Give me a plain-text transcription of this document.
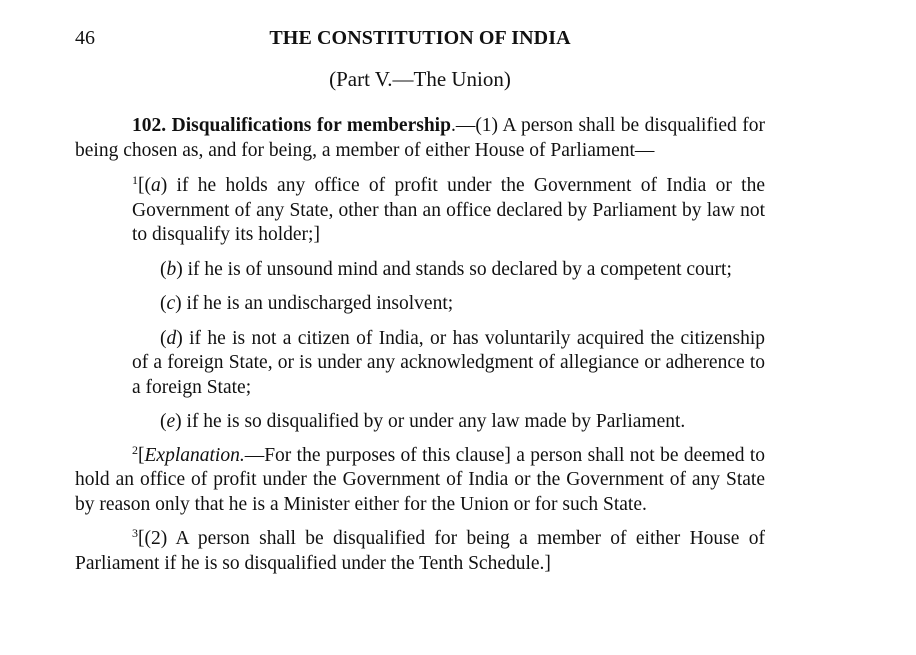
46	THE CONSTITUTION OF INDIA
(Part V.—The Union)

102. Disqualifications for membership.—(1) A person shall be disqualified for being chosen as, and for being, a member of either House of Parliament—

$^1$[(a) if he holds any office of profit under the Government of India or the Government of any State, other than an office declared by Parliament by law not to disqualify its holder;]

(b) if he is of unsound mind and stands so declared by a competent court;

(c) if he is an undischarged insolvent;

(d) if he is not a citizen of India, or has voluntarily acquired the citizenship of a foreign State, or is under any acknowledgment of allegiance or adherence to a foreign State;

(e) if he is so disqualified by or under any law made by Parliament.

$^2$[Explanation.—For the purposes of this clause] a person shall not be deemed to hold an office of profit under the Government of India or the Government of any State by reason only that he is a Minister either for the Union or for such State.

$^3$[(2) A person shall be disqualified for being a member of either House of Parliament if he is so disqualified under the Tenth Schedule.]
